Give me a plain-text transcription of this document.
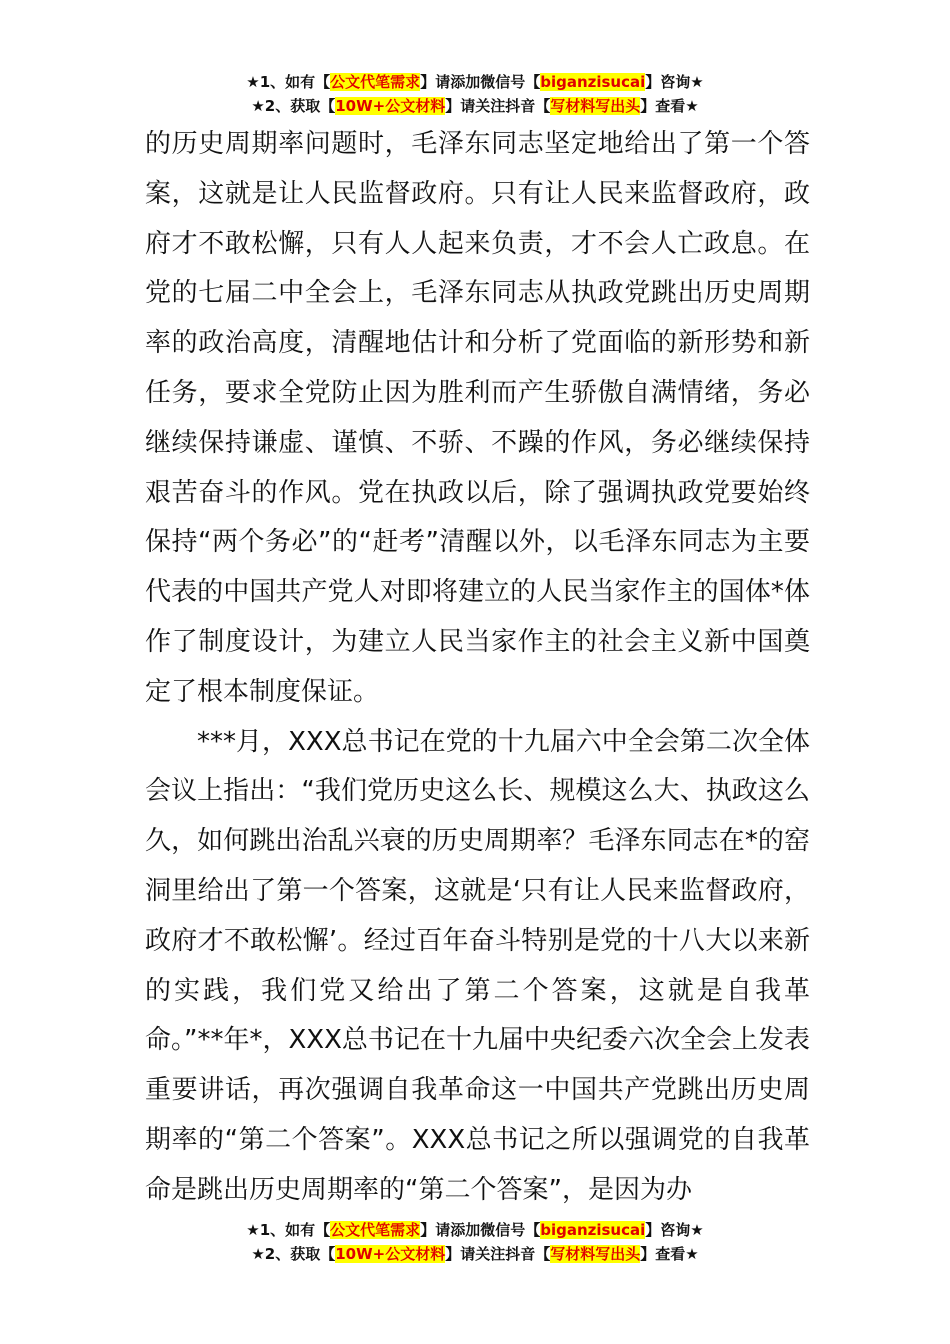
★1、如有【公文代笔需求】请添加微信号【biganzisucai】咨询★
★2、获取【10W+公文材料】请关注抖音【写材料写出头】查看★

的历史周期率问题时，毛泽东同志坚定地给出了第一个答案，这就是让人民监督政府。只有让人民来监督政府，政府才不敢松懈，只有人人起来负责，才不会人亡政息。在党的七届二中全会上，毛泽东同志从执政党跳出历史周期率的政治高度，清醒地估计和分析了党面临的新形势和新任务，要求全党防止因为胜利而产生骄傲自满情绪，务必继续保持谦虚、谨慎、不骄、不躁的作风，务必继续保持艰苦奋斗的作风。党在执政以后，除了强调执政党要始终保持“两个务必”的“赶考”清醒以外，以毛泽东同志为主要代表的中国共产党人对即将建立的人民当家作主的国体*体作了制度设计，为建立人民当家作主的社会主义新中国奠定了根本制度保证。

***月，XXX总书记在党的十九届六中全会第二次全体会议上指出：“我们党历史这么长、规模这么大、执政这么久，如何跳出治乱兴衰的历史周期率？毛泽东同志在*的窑洞里给出了第一个答案，这就是‘只有让人民来监督政府，政府才不敢松懈’。经过百年奋斗特别是党的十八大以来新的实践，我们党又给出了第二个答案，这就是自我革命。”**年*，XXX总书记在十九届中央纪委六次全会上发表重要讲话，再次强调自我革命这一中国共产党跳出历史周期率的“第二个答案”。XXX总书记之所以强调党的自我革命是跳出历史周期率的“第二个答案”，是因为办

★1、如有【公文代笔需求】请添加微信号【biganzisucai】咨询★
★2、获取【10W+公文材料】请关注抖音【写材料写出头】查看★
